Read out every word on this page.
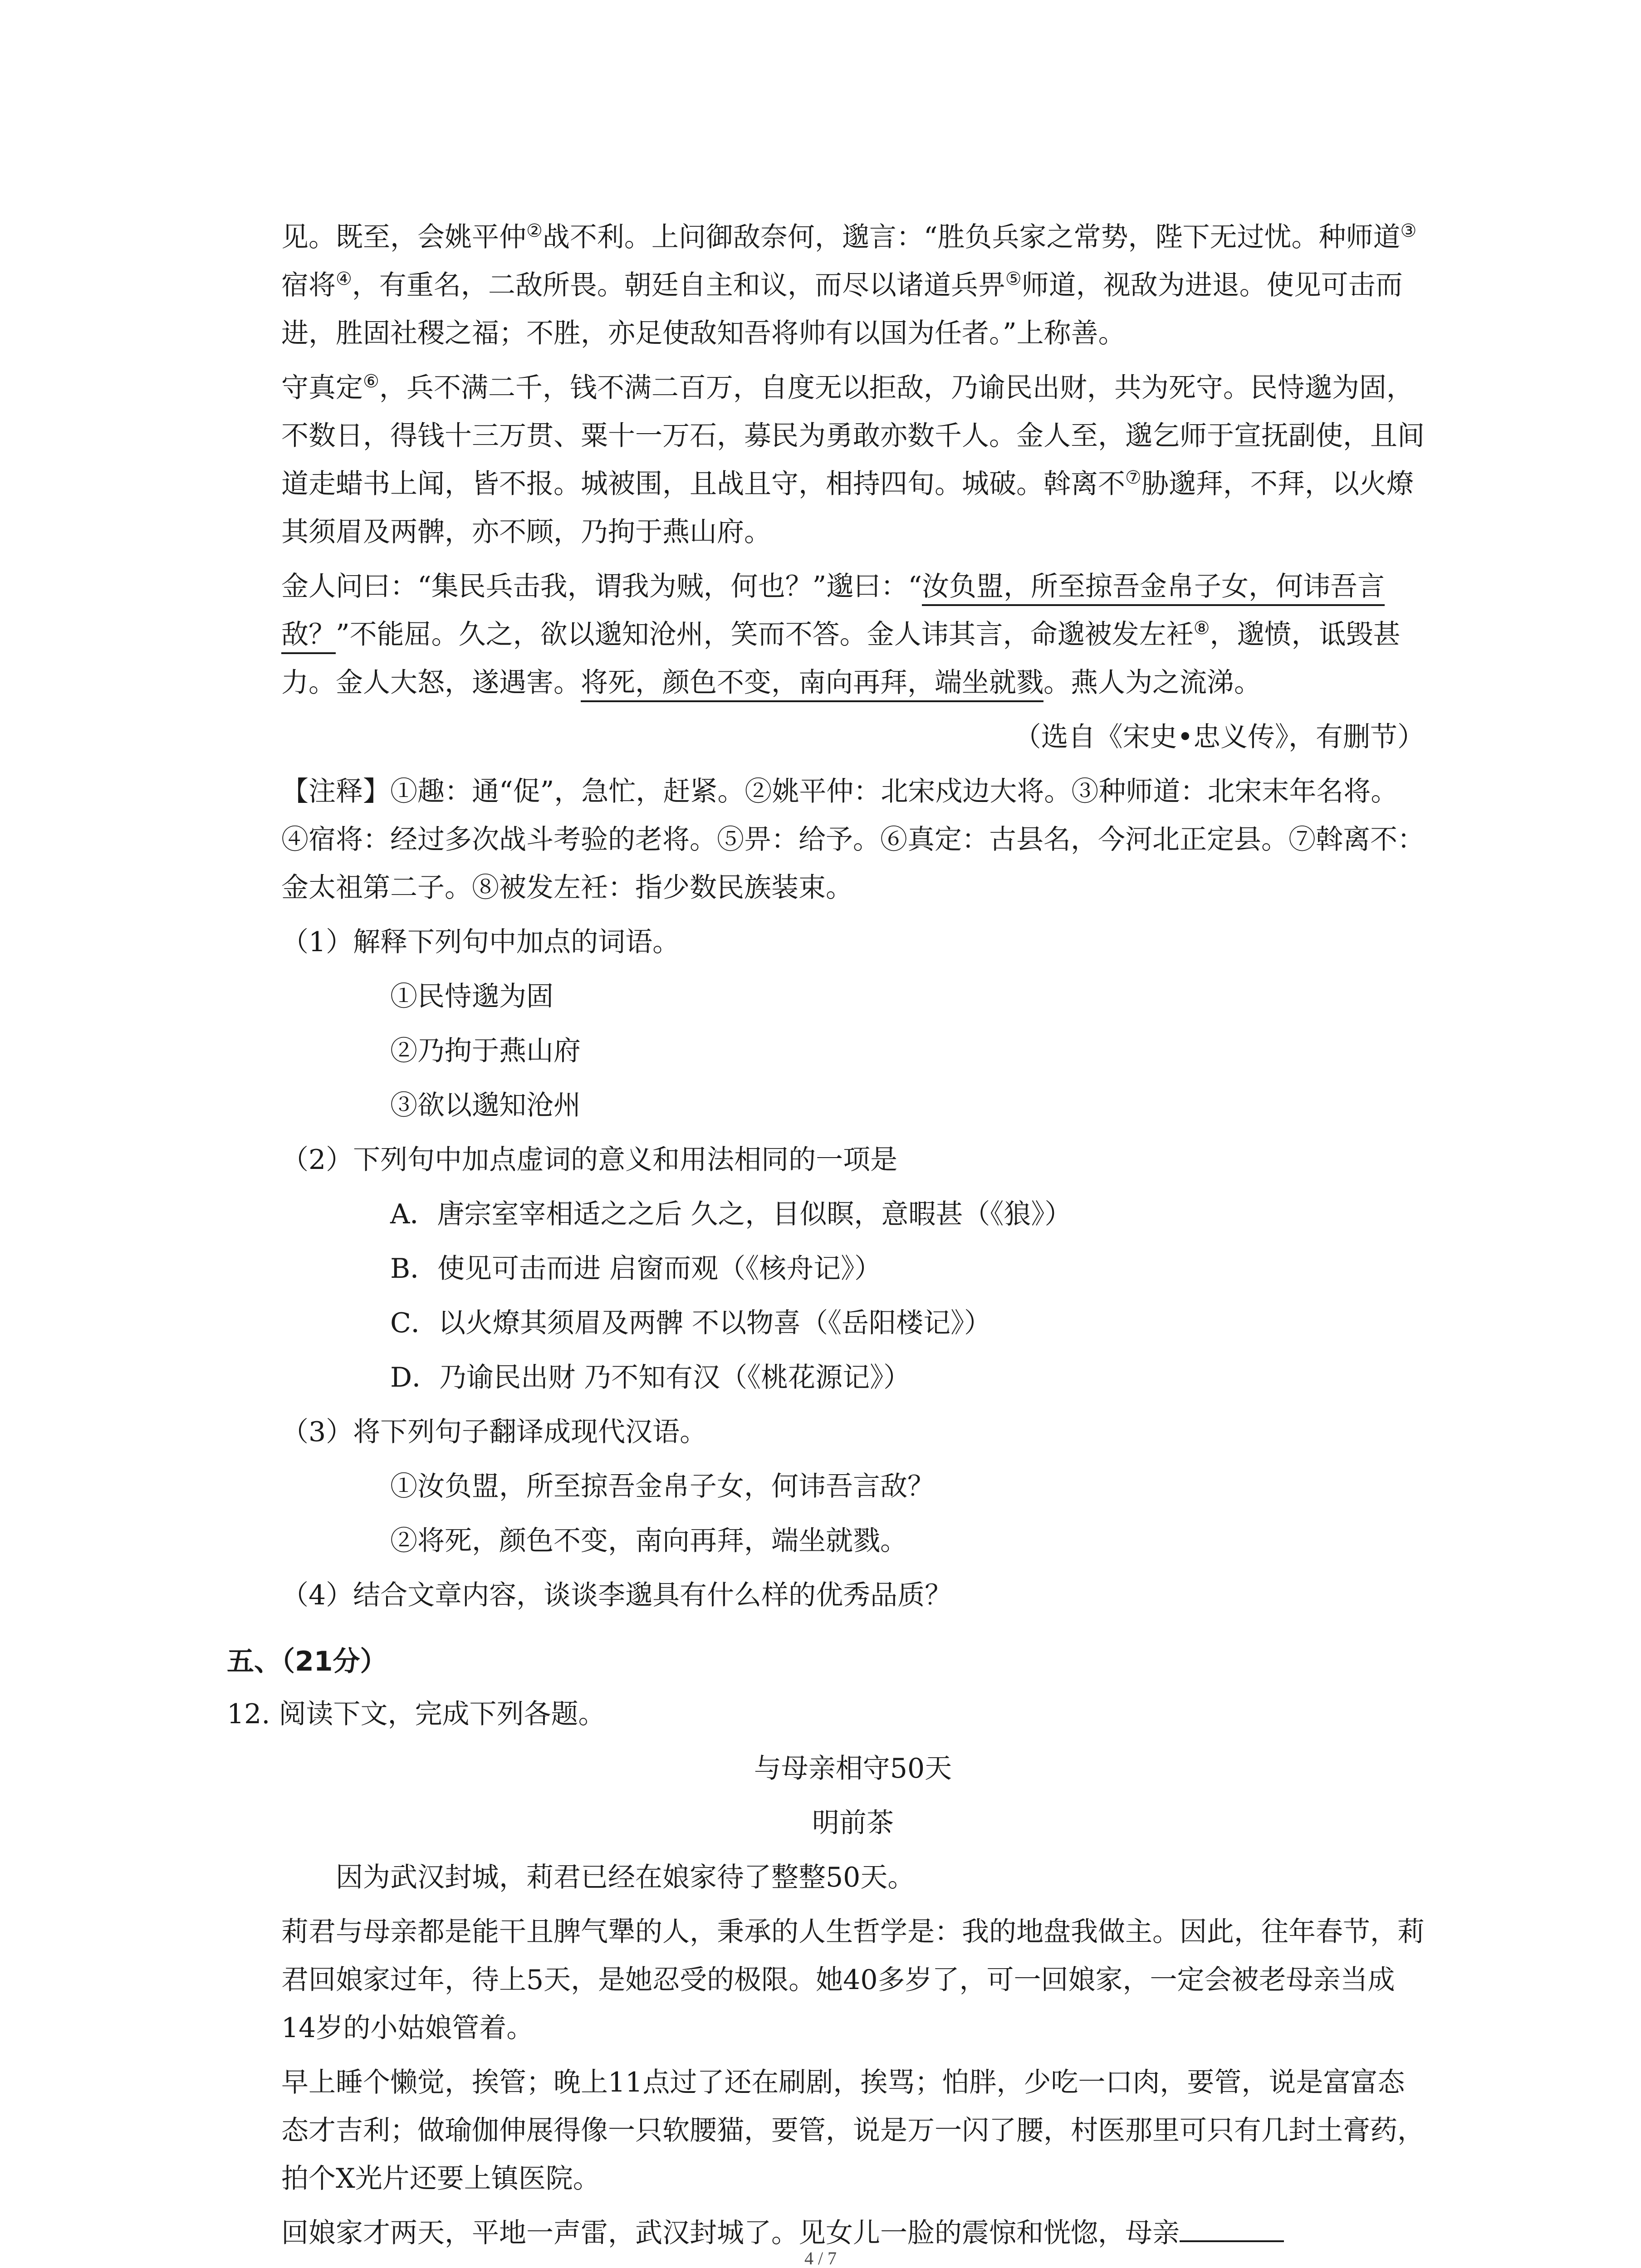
见。既至，会姚平仲②战不利。上问御敌奈何，邈言：“胜负兵家之常势，陛下无过忧。种师道③宿将④，有重名，二敌所畏。朝廷自主和议，而尽以诸道兵畀⑤师道，视敌为进退。使见可击而进，胜固社稷之福；不胜，亦足使敌知吾将帅有以国为任者。”上称善。

守真定⑥，兵不满二千，钱不满二百万，自度无以拒敌，乃谕民出财，共为死守。民恃邈为固，不数日，得钱十三万贯、粟十一万石，募民为勇敢亦数千人。金人至，邈乞师于宣抚副使，且间道走蜡书上闻，皆不报。城被围，且战且守，相持四旬。城破。斡离不⑦胁邈拜，不拜，以火燎其须眉及两髀，亦不顾，乃拘于燕山府。

金人问曰：“集民兵击我，谓我为贼，何也？”邈曰：“汝负盟，所至掠吾金帛子女，何讳吾言敌？”不能屈。久之，欲以邈知沧州，笑而不答。金人讳其言，命邈被发左衽⑧，邈愤，诋毁甚力。金人大怒，遂遇害。将死，颜色不变，南向再拜，端坐就戮。燕人为之流涕。

（选自《宋史•忠义传》，有删节）

【注释】①趣：通“促”，急忙，赶紧。②姚平仲：北宋戍边大将。③种师道：北宋末年名将。④宿将：经过多次战斗考验的老将。⑤畀：给予。⑥真定：古县名，今河北正定县。⑦斡离不：金太祖第二子。⑧被发左衽：指少数民族装束。

（1）解释下列句中加点的词语。

①民恃邈为固

②乃拘于燕山府

③欲以邈知沧州

（2）下列句中加点虚词的意义和用法相同的一项是

A．唐宗室宰相适之之后 久之，目似瞑，意暇甚（《狼》）

B．使见可击而进 启窗而观（《核舟记》）

C．以火燎其须眉及两髀 不以物喜（《岳阳楼记》）

D．乃谕民出财 乃不知有汉（《桃花源记》）

（3）将下列句子翻译成现代汉语。

①汝负盟，所至掠吾金帛子女，何讳吾言敌？

②将死，颜色不变，南向再拜，端坐就戮。

（4）结合文章内容，谈谈李邈具有什么样的优秀品质？

五、（21分）

12. 阅读下文，完成下列各题。

与母亲相守50天

明前茶

因为武汉封城，莉君已经在娘家待了整整50天。

莉君与母亲都是能干且脾气犟的人，秉承的人生哲学是：我的地盘我做主。因此，往年春节，莉君回娘家过年，待上5天，是她忍受的极限。她40多岁了，可一回娘家，一定会被老母亲当成14岁的小姑娘管着。

早上睡个懒觉，挨管；晚上11点过了还在刷剧，挨骂；怕胖，少吃一口肉，要管，说是富富态态才吉利；做瑜伽伸展得像一只软腰猫，要管，说是万一闪了腰，村医那里可只有几封土膏药，拍个X光片还要上镇医院。

回娘家才两天，平地一声雷，武汉封城了。见女儿一脸的震惊和恍惚，母亲

4 / 7
